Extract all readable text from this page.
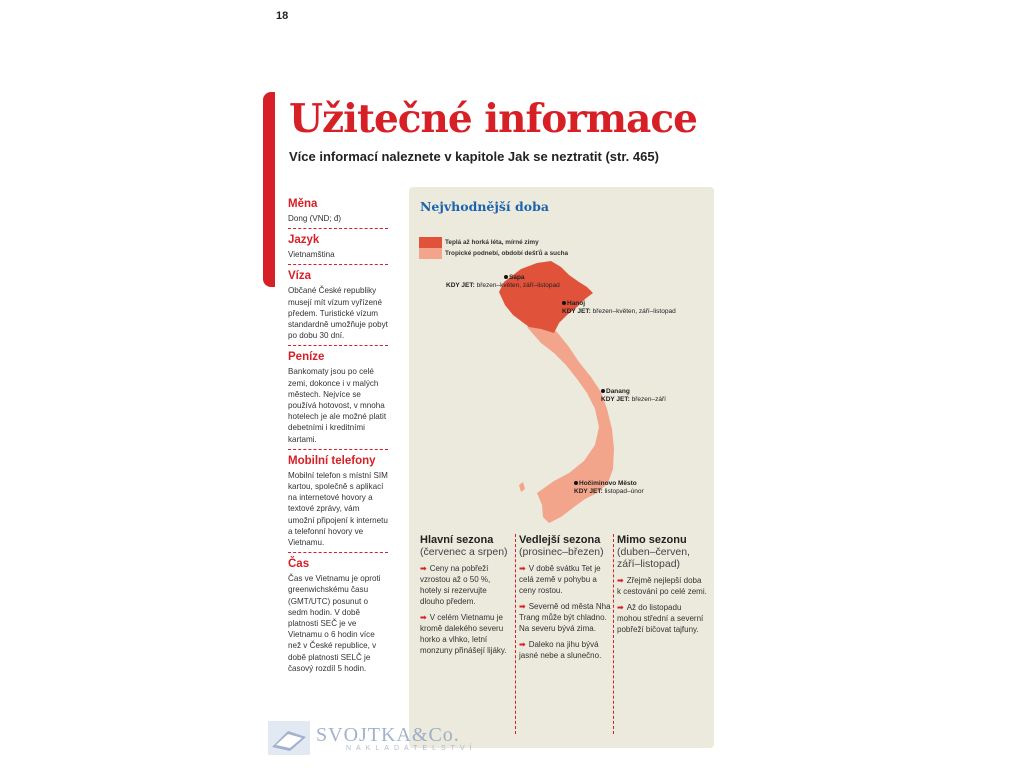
18
Užitečné informace
Více informací naleznete v kapitole Jak se neztratit (str. 465)
Měna
Dong (VND; đ)
Jazyk
Vietnamština
Víza
Občané České republiky musejí mít vízum vyřízené předem. Turistické vízum standardně umožňuje pobyt po dobu 30 dní.
Peníze
Bankomaty jsou po celé zemi, dokonce i v malých městech. Nejvíce se používá hotovost, v mnoha hotelech je ale možné platit debetními i kreditními kartami.
Mobilní telefony
Mobilní telefon s místní SIM kartou, společně s aplikací na internetové hovory a textové zprávy, vám umožní připojení k internetu a telefonní hovory ve Vietnamu.
Čas
Čas ve Vietnamu je oproti greenwichskému času (GMT/UTC) posunut o sedm hodin. V době platnosti SEČ je ve Vietnamu o 6 hodin více než v České republice, v době platnosti SELČ je časový rozdíl 5 hodin.
Nejvhodnější doba
Teplá až horká léta, mírné zimy
Tropické podnebí, období dešťů a sucha
Sapa
KDY JET: březen–květen, září–listopad
Hanoj
KDY JET: březen–květen, září–listopad
Danang
KDY JET: březen–září
Hočiminovo Město
KDY JET: listopad–únor
Hlavní sezona
(červenec a srpen)
➡ Ceny na pobřeží vzrostou až o 50 %, hotely si rezervujte dlouho předem.
➡ V celém Vietnamu je kromě dalekého severu horko a vlhko, letní monzuny přinášejí lijáky.
Vedlejší sezona
(prosinec–březen)
➡ V době svátku Tet je celá země v pohybu a ceny rostou.
➡ Severně od města Nha Trang může být chladno. Na severu bývá zima.
➡ Daleko na jihu bývá jasné nebe a slunečno.
Mimo sezonu
(duben–červen, září–listopad)
➡ Zřejmě nejlepší doba k cestování po celé zemi.
➡ Až do listopadu mohou střední a severní pobřeží bičovat tajfuny.
SVOJTKA&Co.
NAKLADATELSTVÍ
